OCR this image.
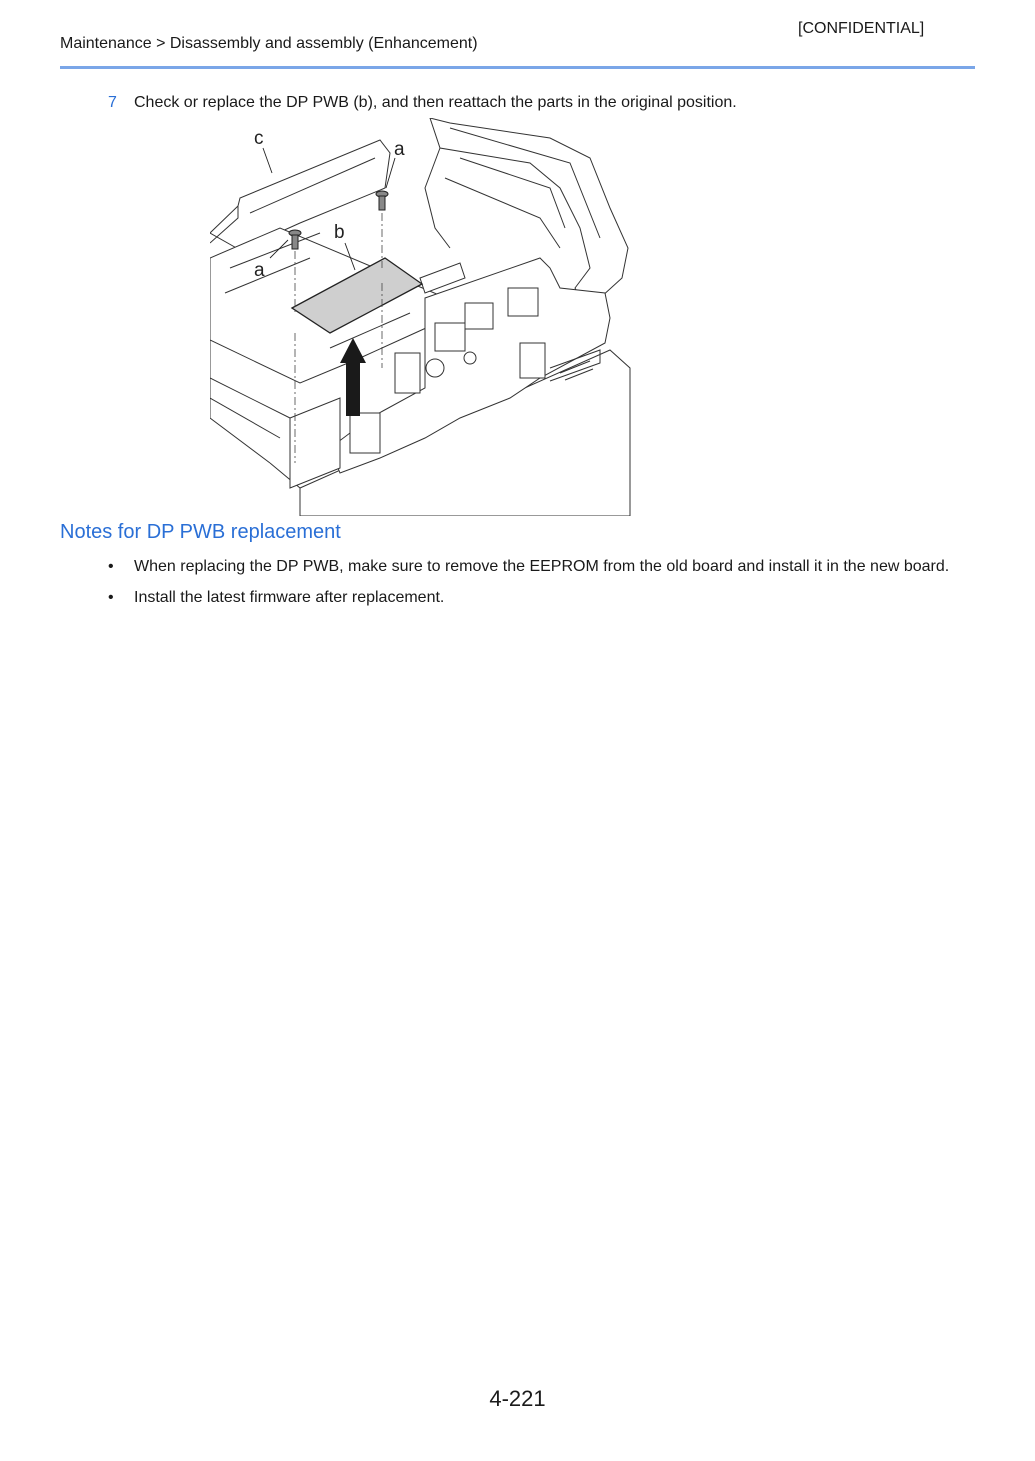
[CONFIDENTIAL]
Maintenance > Disassembly and assembly (Enhancement)
7 Check or replace the DP PWB (b), and then reattach the parts in the original position.
c
a
b
a
Notes for DP PWB replacement
• When replacing the DP PWB, make sure to remove the EEPROM from the old board and install it in the new board.
• Install the latest firmware after replacement.
4-221
